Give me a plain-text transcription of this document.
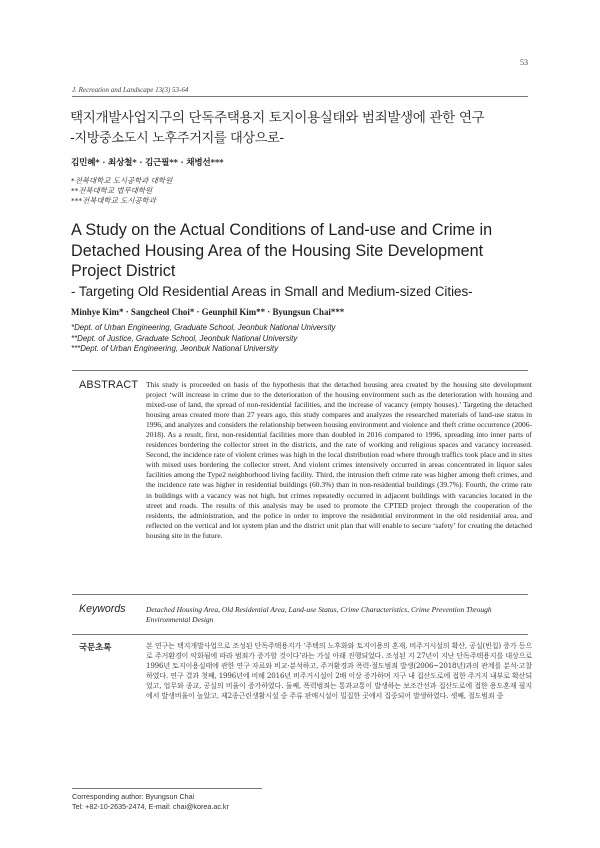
53
J. Recreation and Landscape 13(3) 53-64
택지개발사업지구의 단독주택용지 토지이용실태와 범죄발생에 관한 연구
-지방중소도시 노후주거지를 대상으로-
김민혜* · 최상철* · 김근필** · 채병선***
*전북대학교 도시공학과 대학원
**전북대학교 법무대학원
***전북대학교 도시공학과
A Study on the Actual Conditions of Land-use and Crime in
Detached Housing Area of the Housing Site Development
Project District
- Targeting Old Residential Areas in Small and Medium-sized Cities-
Minhye Kim* · Sangcheol Choi* · Geunphil Kim** · Byungsun Chai***
*Dept. of Urban Engineering, Graduate School, Jeonbuk National University
**Dept. of Justice, Graduate School, Jeonbuk National University
***Dept. of Urban Engineering, Jeonbuk National University
ABSTRACT This study is proceeded on basis of the hypothesis that the detached housing area created by the housing site development project ‘will increase in crime due to the deterioration of the housing environment such as the deterioration with housing and mixed-use of land, the spread of non-residential facilities, and the increase of vacancy (empty houses).’ Targeting the detached housing areas created more than 27 years ago, this study compares and analyzes the researched materials of land-use status in 1996, and analyzes and considers the relationship between housing environment and violence and theft crime occurrence (2006-2018). As a result, first, non-residential facilities more than doubled in 2016 compared to 1996, spreading into inner parts of residences bordering the collector street in the districts, and the rate of working and religious spaces and vacancy increased. Second, the incidence rate of violent crimes was high in the local distribution road where through traffics took place and in sites with mixed uses bordering the collector street. And violent crimes intensively occurred in areas concentrated in liquor sales facilities among the Type2 neighborhood living facility. Third, the intrusion theft crime rate was higher among theft crimes, and the incidence rate was higher in residential buildings (60.3%) than in non-residential buildings (39.7%). Fourth, the crime rate in buildings with a vacancy was not high, but crimes repeatedly occurred in adjacent buildings with vacancies located in the street and roads. The results of this analysis may be used to promote the CPTED project through the cooperation of the residents, the administration, and the police in order to improve the residential environment in the old residential area, and reflected on the vertical and lot system plan and the district unit plan that will enable to secure ‘safety’ for creating the detached housing site in the future.
Keywords	Detached Housing Area, Old Residential Area, Land-use Status, Crime Characteristics, Crime Prevention Through Environmental Design
국문초록	본 연구는 택지개발사업으로 조성된 단독주택용지가 ‘주택의 노후화와 토지이용의 혼재, 비주거시설의 확산, 공실(빈집) 증가 등으로 주거환경이 악화됨에 따라 범죄가 증가할 것이다’라는 가설 아래 진행되었다. 조성된 지 27년이 지난 단독주택용지를 대상으로 1996년 토지이용실태에 관한 연구 자료와 비교·분석하고, 주거환경과 폭력·절도범죄 발생(2006~2018년)과의 관계를 분석·고찰하였다. 연구 결과 첫째, 1996년에 비해 2016년 비주거시설이 2배 이상 증가하며 지구 내 집산도로에 접한 주거지 내부로 확산되었고, 업무와 종교, 공실의 비율이 증가하였다. 둘째, 폭력범죄는 통과교통이 발생하는 보조간선과 집산도로에 접한 용도혼재 필지에서 발생비율이 높았고, 제2종근린생활시설 중 주류 판매시설이 밀집한 곳에서 집중되어 발생하였다. 셋째, 절도범죄 중
Corresponding author: Byungsun Chai
Tel: +82-10-2635-2474, E-mail: chai@korea.ac.kr
